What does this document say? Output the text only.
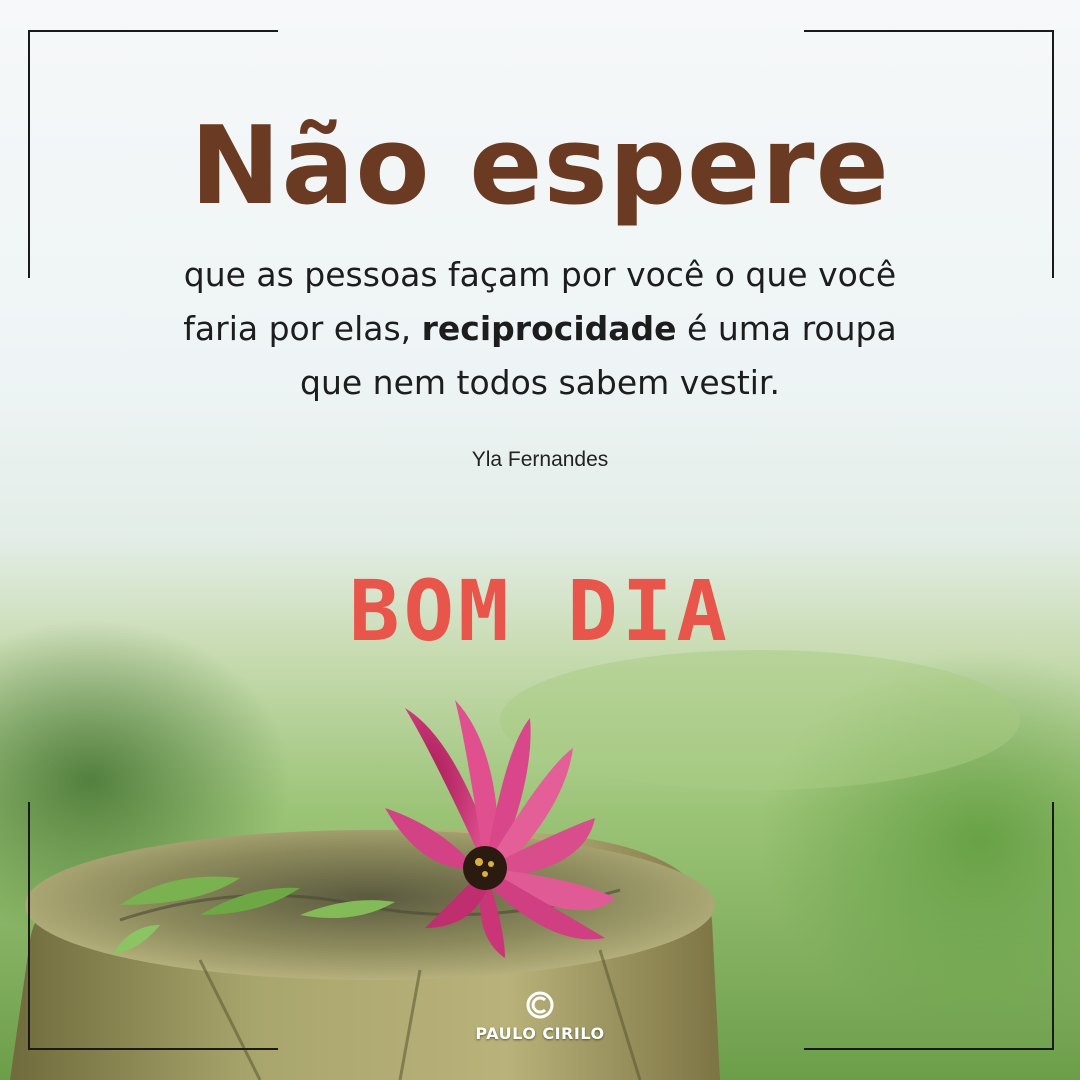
Não espere
que as pessoas façam por você o que você
faria por elas, reciprocidade é uma roupa
que nem todos sabem vestir.
Yla Fernandes
BOM DIA
PAULO CIRILO
